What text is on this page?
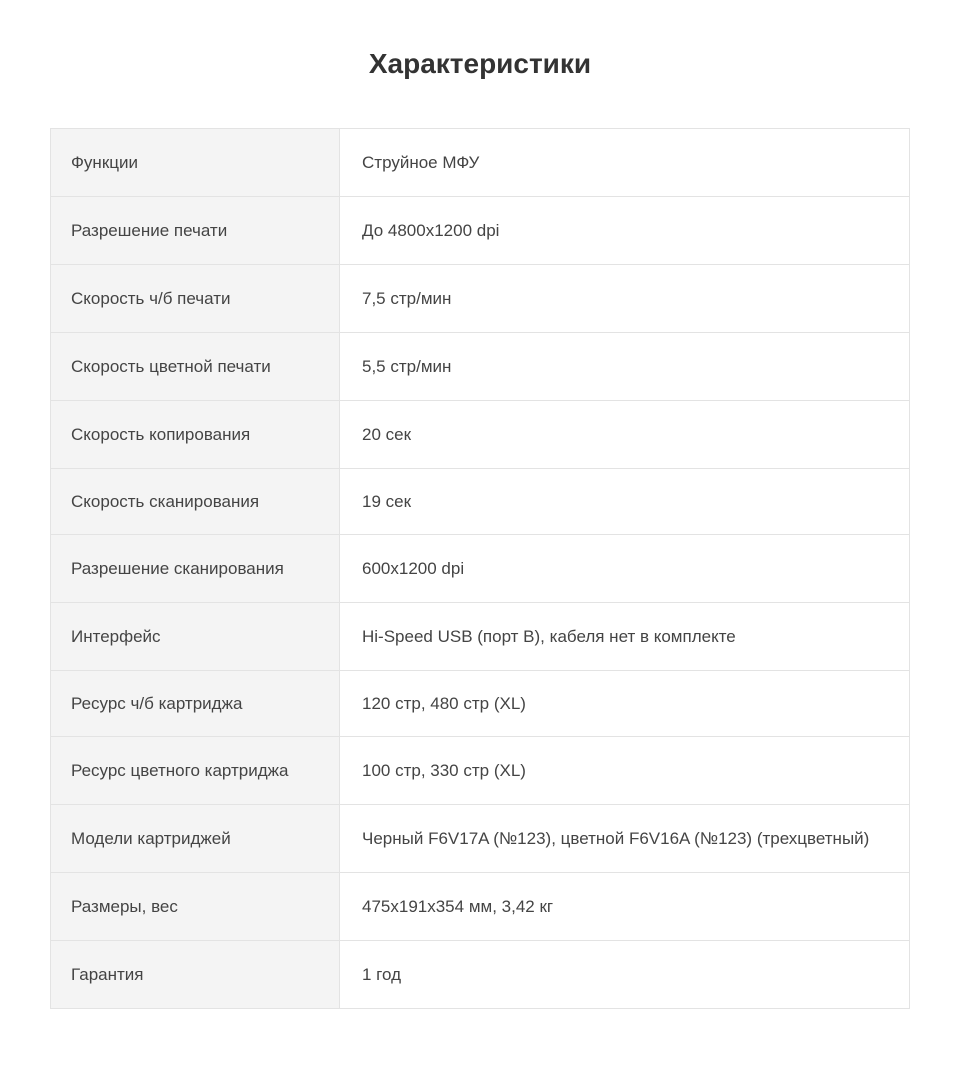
Характеристики
Функции	Струйное МФУ
Разрешение печати	До 4800x1200 dpi
Скорость ч/б печати	7,5 стр/мин
Скорость цветной печати	5,5 стр/мин
Скорость копирования	20 сек
Скорость сканирования	19 сек
Разрешение сканирования	600x1200 dpi
Интерфейс	Hi-Speed USB (порт B), кабеля нет в комплекте
Ресурс ч/б картриджа	120 стр, 480 стр (XL)
Ресурс цветного картриджа	100 стр, 330 стр (XL)
Модели картриджей	Черный F6V17A (№123), цветной F6V16A (№123) (трехцветный)
Размеры, вес	475x191x354 мм, 3,42 кг
Гарантия	1 год
